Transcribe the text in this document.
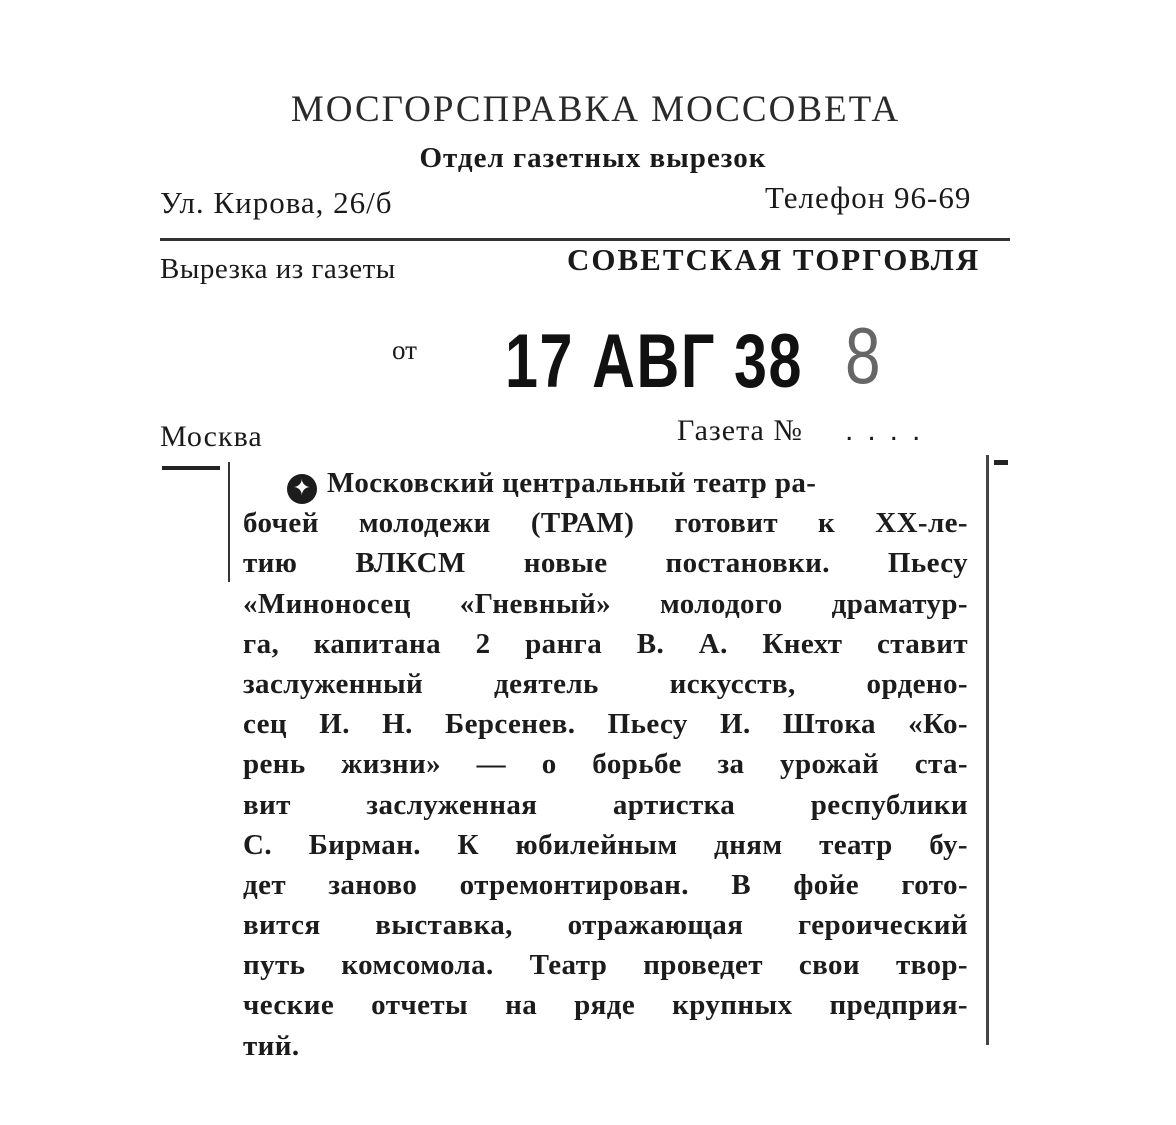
МОСГОРСПРАВКА МОССОВЕТА
Отдел газетных вырезок
Ул. Кирова, 26/б	Телефон 96-69
Вырезка из газеты	СОВЕТСКАЯ ТОРГОВЛЯ
от 17 АВГ 38 8
Москва	Газета № ....
✦ Московский центральный театр ра-
бочей молодежи (ТРАМ) готовит к XX-ле-
тию ВЛКСМ новые постановки. Пьесу
«Миноносец «Гневный» молодого драматур-
га, капитана 2 ранга В. А. Кнехт ставит
заслуженный деятель искусств, ордено-
сец И. Н. Берсенев. Пьесу И. Штока «Ко-
рень жизни» — о борьбе за урожай ста-
вит заслуженная артистка республики
С. Бирман. К юбилейным дням театр бу-
дет заново отремонтирован. В фойе гото-
вится выставка, отражающая героический
путь комсомола. Театр проведет свои твор-
ческие отчеты на ряде крупных предприя-
тий.
